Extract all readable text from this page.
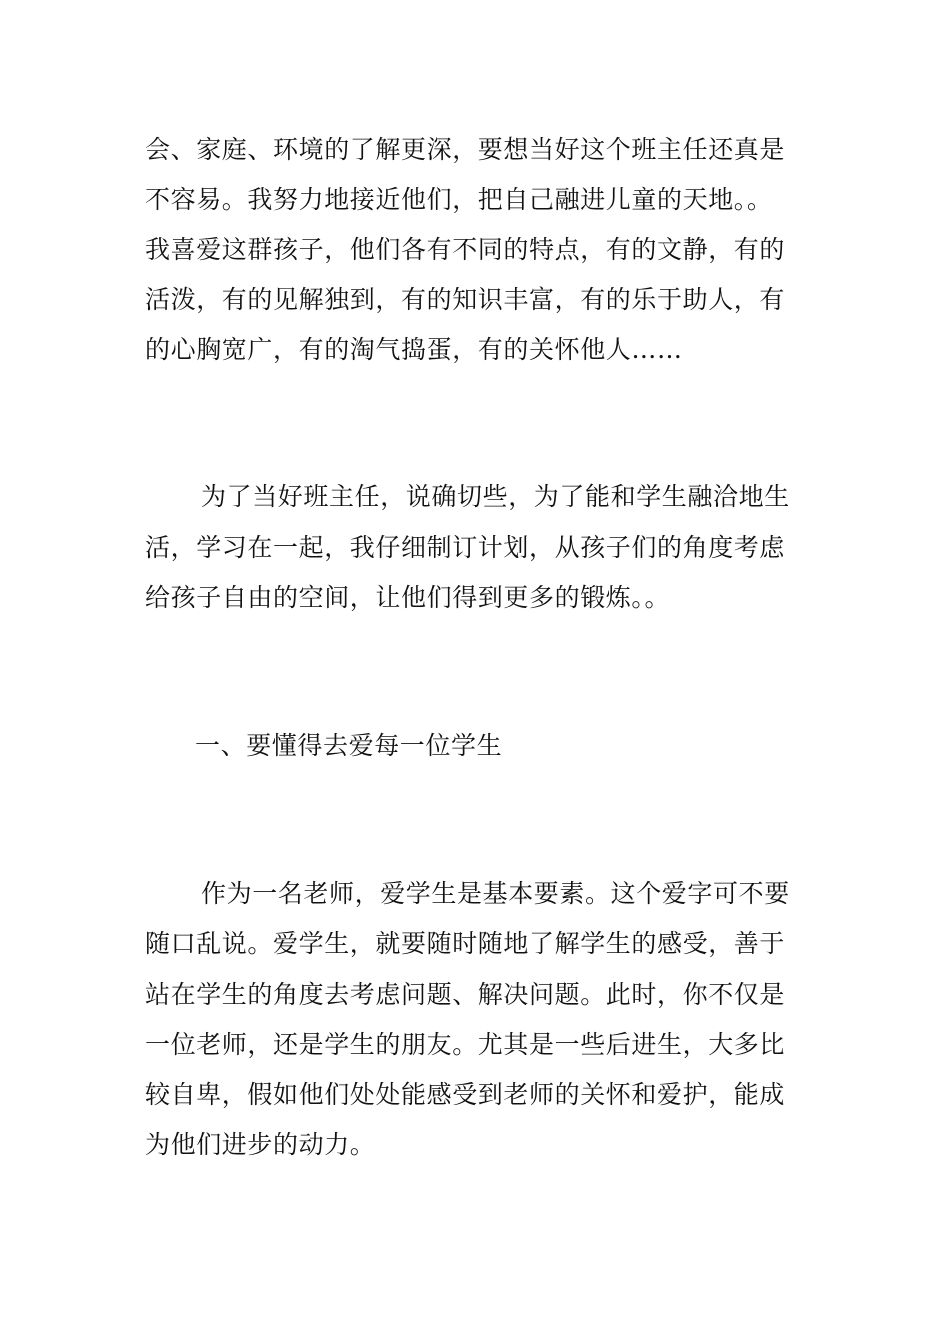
会、家庭、环境的了解更深，要想当好这个班主任还真是
不容易。我努力地接近他们，把自己融进儿童的天地。。
我喜爱这群孩子，他们各有不同的特点，有的文静，有的
活泼，有的见解独到，有的知识丰富，有的乐于助人，有
的心胸宽广，有的淘气捣蛋，有的关怀他人……
为了当好班主任，说确切些，为了能和学生融洽地生
活，学习在一起，我仔细制订计划，从孩子们的角度考虑
给孩子自由的空间，让他们得到更多的锻炼。。
一、要懂得去爱每一位学生
作为一名老师，爱学生是基本要素。这个爱字可不要
随口乱说。爱学生，就要随时随地了解学生的感受，善于
站在学生的角度去考虑问题、解决问题。此时，你不仅是
一位老师，还是学生的朋友。尤其是一些后进生，大多比
较自卑，假如他们处处能感受到老师的关怀和爱护，能成
为他们进步的动力。
